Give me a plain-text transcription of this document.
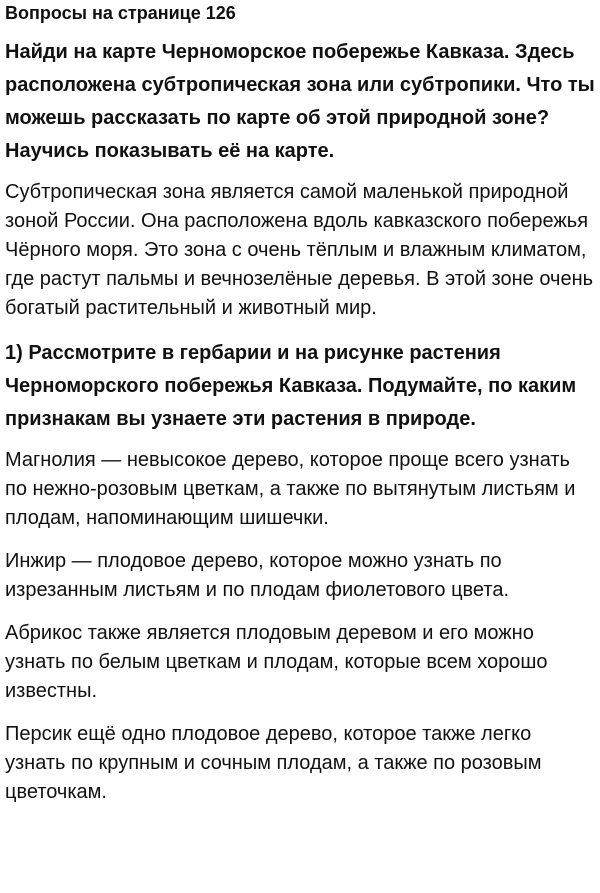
Вопросы на странице 126

Найди на карте Черноморское побережье Кавказа. Здесь расположена субтропическая зона или субтропики. Что ты можешь рассказать по карте об этой природной зоне? Научись показывать её на карте.

Субтропическая зона является самой маленькой природной зоной России. Она расположена вдоль кавказского побережья Чёрного моря. Это зона с очень тёплым и влажным климатом, где растут пальмы и вечнозелёные деревья. В этой зоне очень богатый растительный и животный мир.

1) Рассмотрите в гербарии и на рисунке растения Черноморского побережья Кавказа. Подумайте, по каким признакам вы узнаете эти растения в природе.

Магнолия — невысокое дерево, которое проще всего узнать по нежно-розовым цветкам, а также по вытянутым листьям и плодам, напоминающим шишечки.

Инжир — плодовое дерево, которое можно узнать по изрезанным листьям и по плодам фиолетового цвета.

Абрикос также является плодовым деревом и его можно узнать по белым цветкам и плодам, которые всем хорошо известны.

Персик ещё одно плодовое дерево, которое также легко узнать по крупным и сочным плодам, а также по розовым цветочкам.
